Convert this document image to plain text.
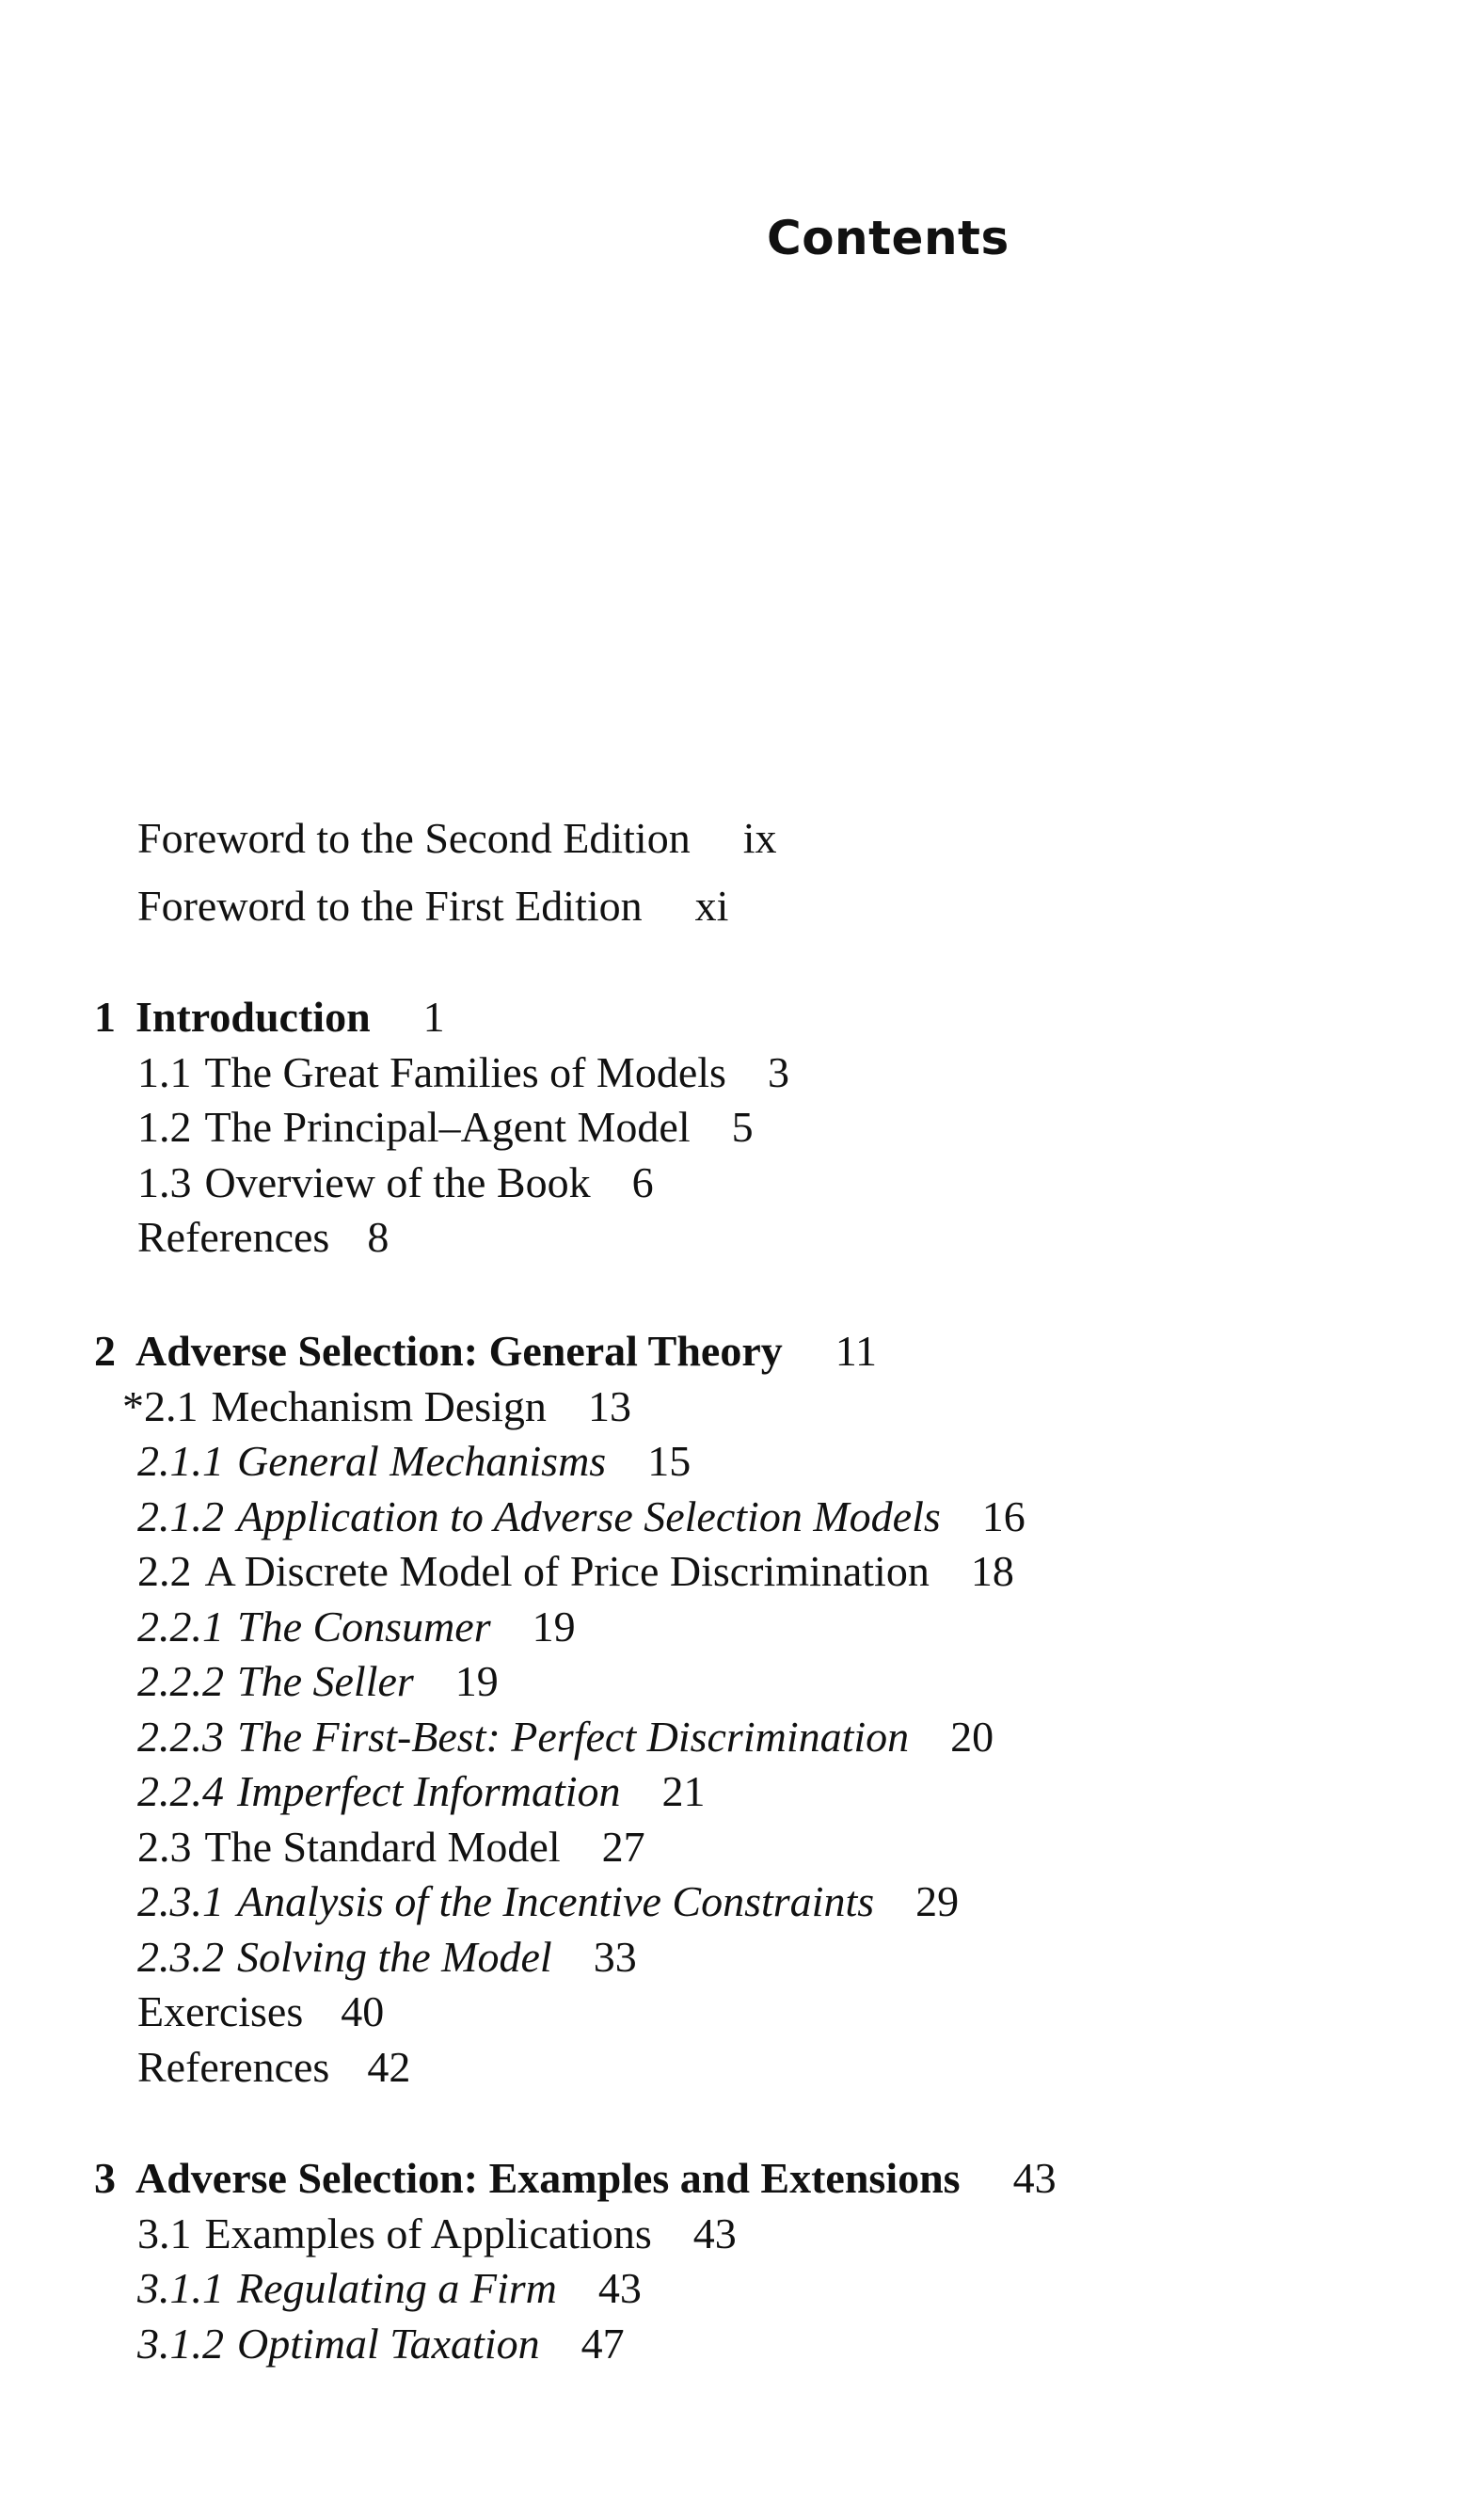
Contents
Foreword to the Second Edition ix
Foreword to the First Edition xi
1 Introduction 1
1.1 The Great Families of Models 3
1.2 The Principal–Agent Model 5
1.3 Overview of the Book 6
References 8
2 Adverse Selection: General Theory 11
*2.1 Mechanism Design 13
2.1.1 General Mechanisms 15
2.1.2 Application to Adverse Selection Models 16
2.2 A Discrete Model of Price Discrimination 18
2.2.1 The Consumer 19
2.2.2 The Seller 19
2.2.3 The First-Best: Perfect Discrimination 20
2.2.4 Imperfect Information 21
2.3 The Standard Model 27
2.3.1 Analysis of the Incentive Constraints 29
2.3.2 Solving the Model 33
Exercises 40
References 42
3 Adverse Selection: Examples and Extensions 43
3.1 Examples of Applications 43
3.1.1 Regulating a Firm 43
3.1.2 Optimal Taxation 47
